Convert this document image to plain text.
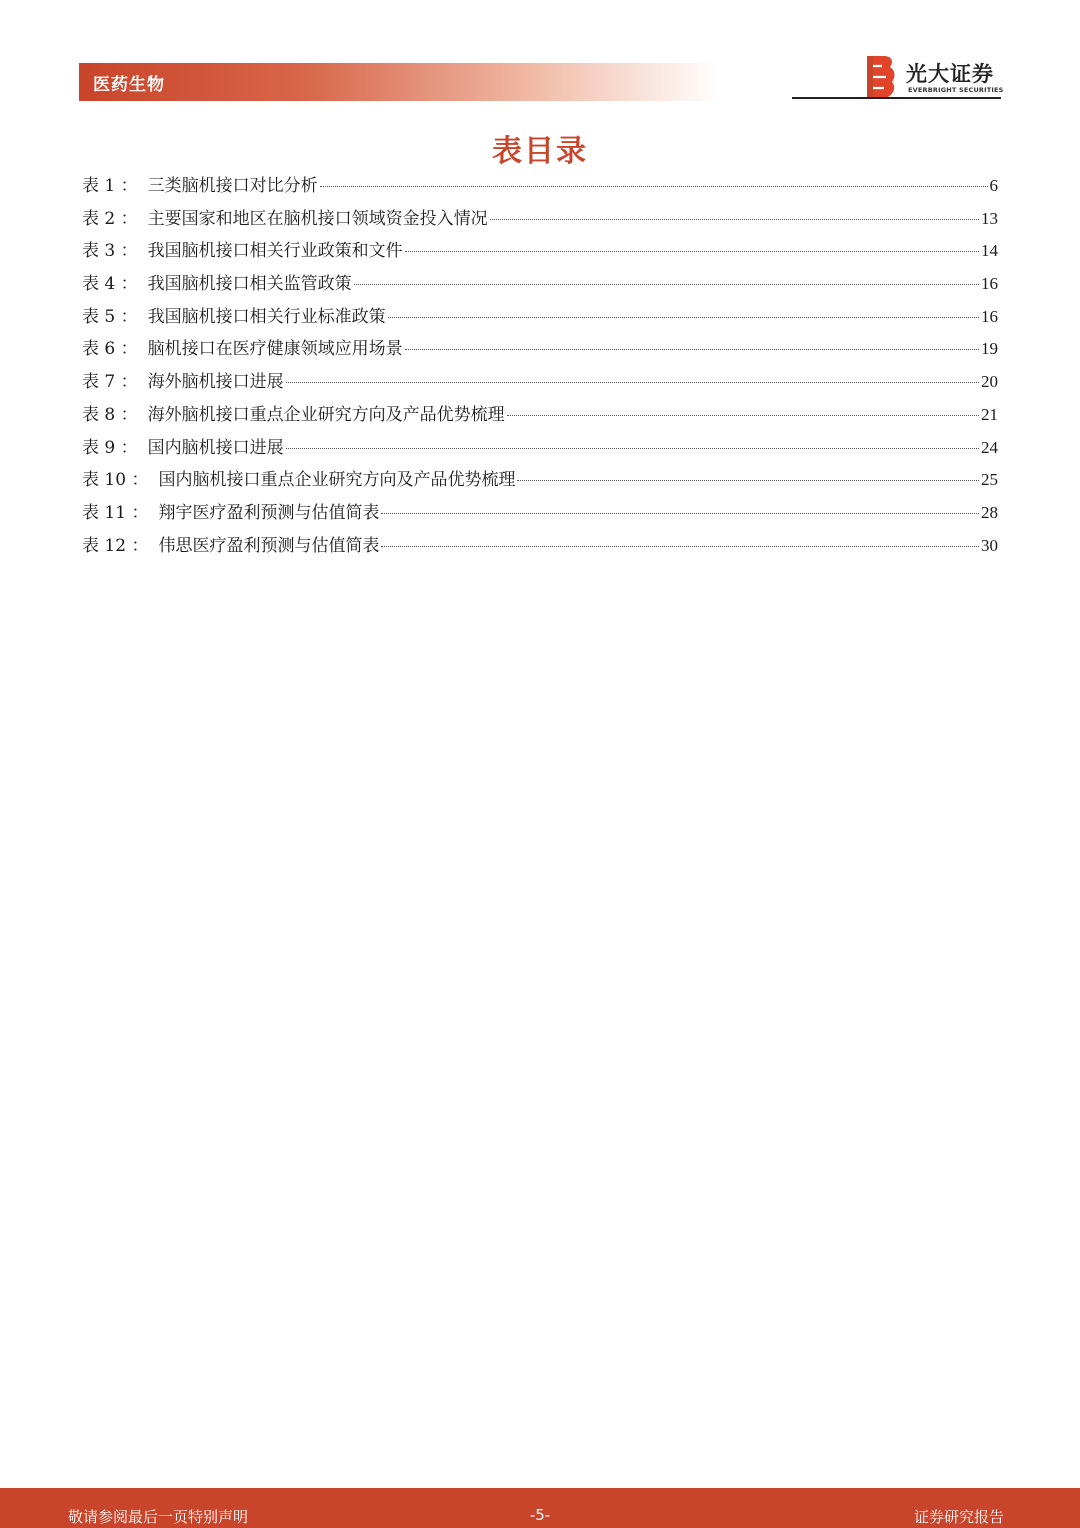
医药生物	光大证券
EVERBRIGHT SECURITIES
表目录
表 1 ： 三类脑机接口对比分析	6
表 2 ： 主要国家和地区在脑机接口领域资金投入情况	13
表 3 ： 我国脑机接口相关行业政策和文件	14
表 4 ： 我国脑机接口相关监管政策	16
表 5 ： 我国脑机接口相关行业标准政策	16
表 6 ： 脑机接口在医疗健康领域应用场景	19
表 7 ： 海外脑机接口进展	20
表 8 ： 海外脑机接口重点企业研究方向及产品优势梳理	21
表 9 ： 国内脑机接口进展	24
表 10 ： 国内脑机接口重点企业研究方向及产品优势梳理	25
表 11 ： 翔宇医疗盈利预测与估值简表	28
表 12 ： 伟思医疗盈利预测与估值简表	30
敬请参阅最后一页特别声明	-5-	证券研究报告
